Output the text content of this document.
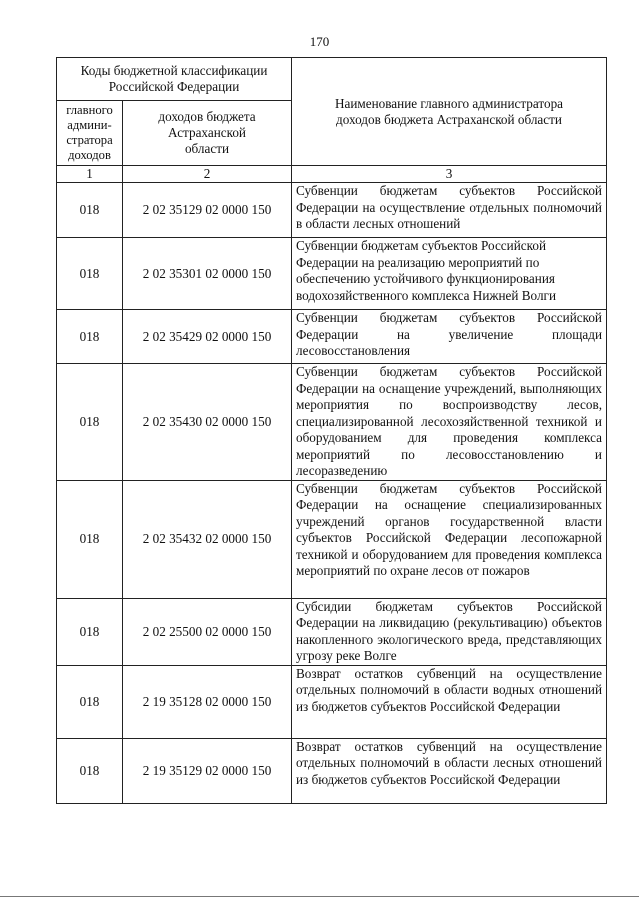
170
Коды бюджетной классификации Российской Федерации		Наименование главного администратора доходов бюджета Астраханской области
главного админи-стратора доходов	доходов бюджета Астраханской области	
1	2	3
018	2 02 35129 02 0000 150	Субвенции бюджетам субъектов Российской Федерации на осуществление отдельных полномочий в области лесных отношений
018	2 02 35301 02 0000 150	Субвенции бюджетам субъектов Российской Федерации на реализацию мероприятий по обеспечению устойчивого функционирования водохозяйственного комплекса Нижней Волги
018	2 02 35429 02 0000 150	Субвенции бюджетам субъектов Российской Федерации на увеличение площади лесовосстановления
018	2 02 35430 02 0000 150	Субвенции бюджетам субъектов Российской Федерации на оснащение учреждений, выполняющих мероприятия по воспроизводству лесов, специализированной лесохозяйственной техникой и оборудованием для проведения комплекса мероприятий по лесовосстановлению и лесоразведению
018	2 02 35432 02 0000 150	Субвенции бюджетам субъектов Российской Федерации на оснащение специализированных учреждений органов государственной власти субъектов Российской Федерации лесопожарной техникой и оборудованием для проведения комплекса мероприятий по охране лесов от пожаров
018	2 02 25500 02 0000 150	Субсидии бюджетам субъектов Российской Федерации на ликвидацию (рекультивацию) объектов накопленного экологического вреда, представляющих угрозу реке Волге
018	2 19 35128 02 0000 150	Возврат остатков субвенций на осуществление отдельных полномочий в области водных отношений из бюджетов субъектов Российской Федерации
018	2 19 35129 02 0000 150	Возврат остатков субвенций на осуществление отдельных полномочий в области лесных отношений из бюджетов субъектов Российской Федерации
